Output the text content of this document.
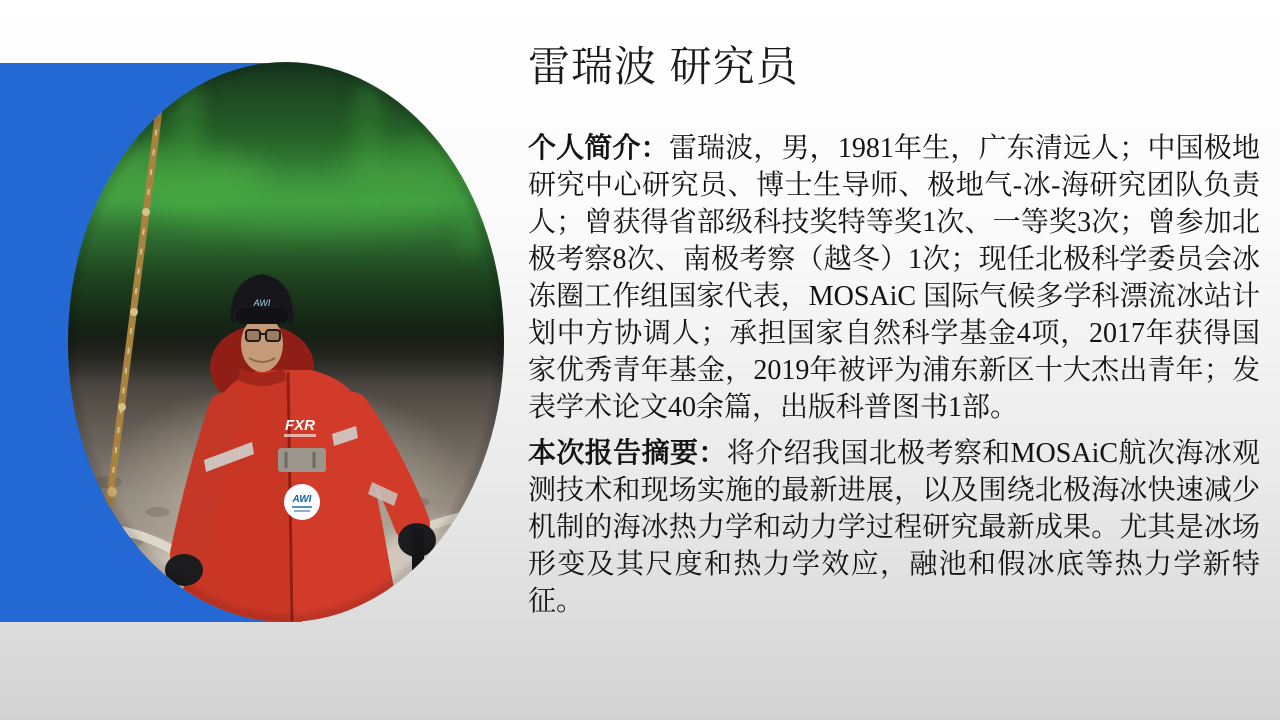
AWI
FXR
AWI
雷瑞波 研究员

个人简介：雷瑞波，男，1981年生，广东清远人；中国极地研究中心研究员、博士生导师、极地气-冰-海研究团队负责人；曾获得省部级科技奖特等奖1次、一等奖3次；曾参加北极考察8次、南极考察（越冬）1次；现任北极科学委员会冰冻圈工作组国家代表，MOSAiC 国际气候多学科漂流冰站计划中方协调人；承担国家自然科学基金4项，2017年获得国家优秀青年基金，2019年被评为浦东新区十大杰出青年；发表学术论文40余篇，出版科普图书1部。

本次报告摘要：将介绍我国北极考察和MOSAiC航次海冰观测技术和现场实施的最新进展，以及围绕北极海冰快速减少机制的海冰热力学和动力学过程研究最新成果。尤其是冰场形变及其尺度和热力学效应，融池和假冰底等热力学新特征。
